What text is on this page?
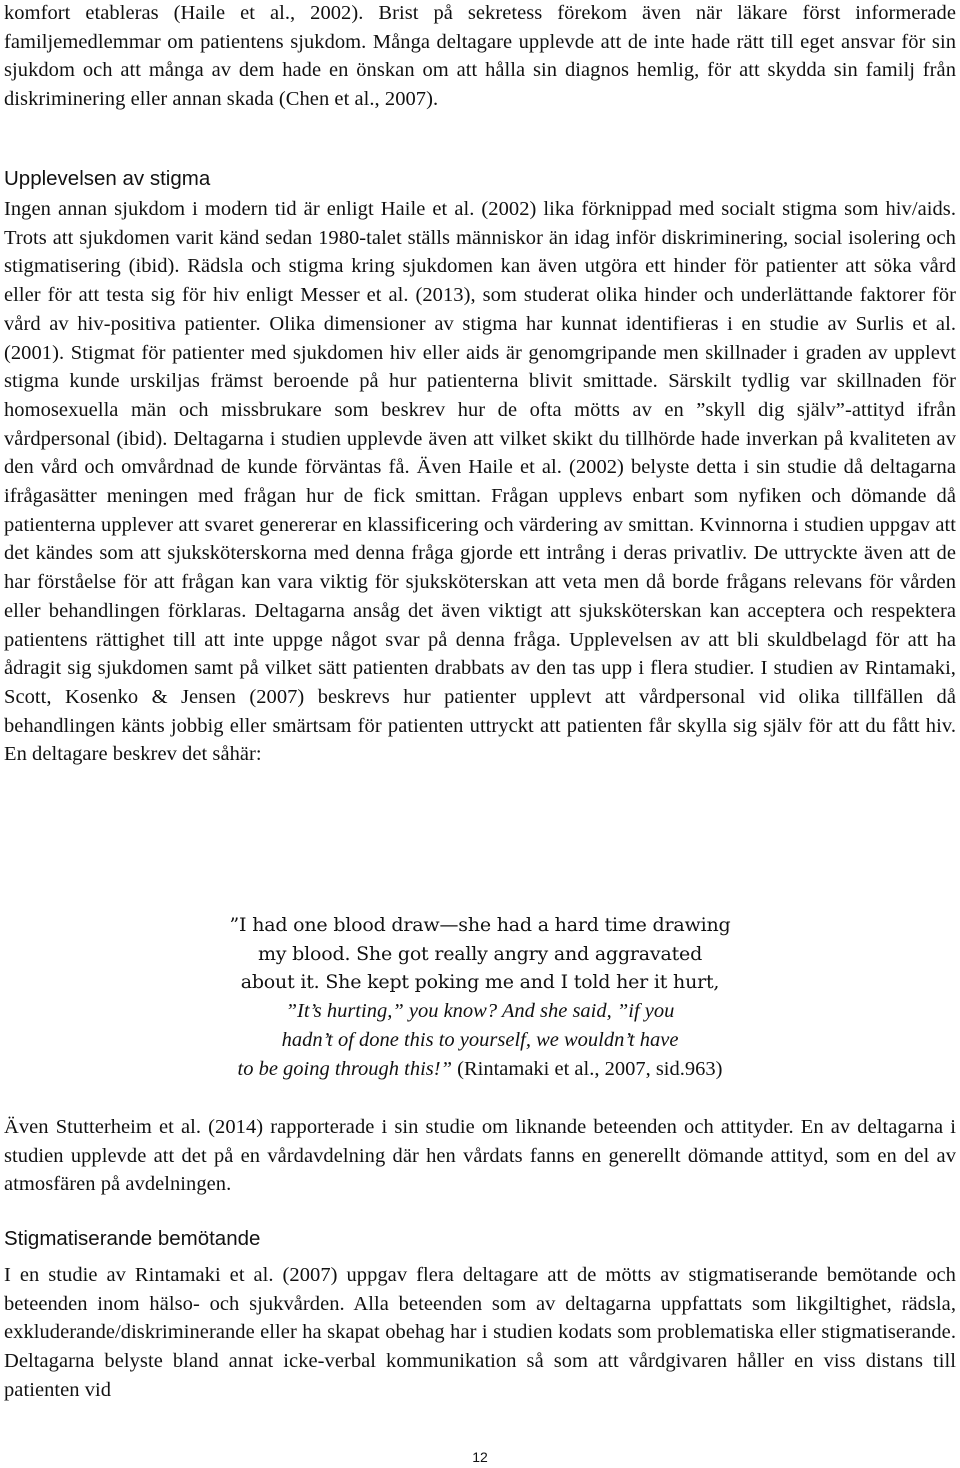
komfort etableras (Haile et al., 2002). Brist på sekretess förekom även när läkare först informerade familjemedlemmar om patientens sjukdom. Många deltagare upplevde att de inte hade rätt till eget ansvar för sin sjukdom och att många av dem hade en önskan om att hålla sin diagnos hemlig, för att skydda sin familj från diskriminering eller annan skada (Chen et al., 2007).

Upplevelsen av stigma

Ingen annan sjukdom i modern tid är enligt Haile et al. (2002) lika förknippad med socialt stigma som hiv/aids. Trots att sjukdomen varit känd sedan 1980-talet ställs människor än idag inför diskriminering, social isolering och stigmatisering (ibid). Rädsla och stigma kring sjukdomen kan även utgöra ett hinder för patienter att söka vård eller för att testa sig för hiv enligt Messer et al. (2013), som studerat olika hinder och underlättande faktorer för vård av hiv-positiva patienter. Olika dimensioner av stigma har kunnat identifieras i en studie av Surlis et al. (2001). Stigmat för patienter med sjukdomen hiv eller aids är genomgripande men skillnader i graden av upplevt stigma kunde urskiljas främst beroende på hur patienterna blivit smittade. Särskilt tydlig var skillnaden för homosexuella män och missbrukare som beskrev hur de ofta mötts av en ”skyll dig själv”-attityd ifrån vårdpersonal (ibid). Deltagarna i studien upplevde även att vilket skikt du tillhörde hade inverkan på kvaliteten av den vård och omvårdnad de kunde förväntas få. Även Haile et al. (2002) belyste detta i sin studie då deltagarna ifrågasätter meningen med frågan hur de fick smittan. Frågan upplevs enbart som nyfiken och dömande då patienterna upplever att svaret genererar en klassificering och värdering av smittan. Kvinnorna i studien uppgav att det kändes som att sjuksköterskorna med denna fråga gjorde ett intrång i deras privatliv. De uttryckte även att de har förståelse för att frågan kan vara viktig för sjuksköterskan att veta men då borde frågans relevans för vården eller behandlingen förklaras. Deltagarna ansåg det även viktigt att sjuksköterskan kan acceptera och respektera patientens rättighet till att inte uppge något svar på denna fråga. Upplevelsen av att bli skuldbelagd för att ha ådragit sig sjukdomen samt på vilket sätt patienten drabbats av den tas upp i flera studier. I studien av Rintamaki, Scott, Kosenko & Jensen (2007) beskrevs hur patienter upplevt att vårdpersonal vid olika tillfällen då behandlingen känts jobbig eller smärtsam för patienten uttryckt att patienten får skylla sig själv för att du fått hiv. En deltagare beskrev det såhär:

”I had one blood draw—she had a hard time drawing
my blood. She got really angry and aggravated
about it. She kept poking me and I told her it hurt,
”It’s hurting,” you know? And she said, ”if you
hadn’t of done this to yourself, we wouldn’t have
to be going through this!” (Rintamaki et al., 2007, sid.963)

Även Stutterheim et al. (2014) rapporterade i sin studie om liknande beteenden och attityder. En av deltagarna i studien upplevde att det på en vårdavdelning där hen vårdats fanns en generellt dömande attityd, som en del av atmosfären på avdelningen.

Stigmatiserande bemötande

I en studie av Rintamaki et al. (2007) uppgav flera deltagare att de mötts av stigmatiserande bemötande och beteenden inom hälso- och sjukvården. Alla beteenden som av deltagarna uppfattats som likgiltighet, rädsla, exkluderande/diskriminerande eller ha skapat obehag har i studien kodats som problematiska eller stigmatiserande. Deltagarna belyste bland annat icke-verbal kommunikation så som att vårdgivaren håller en viss distans till patienten vid

12
